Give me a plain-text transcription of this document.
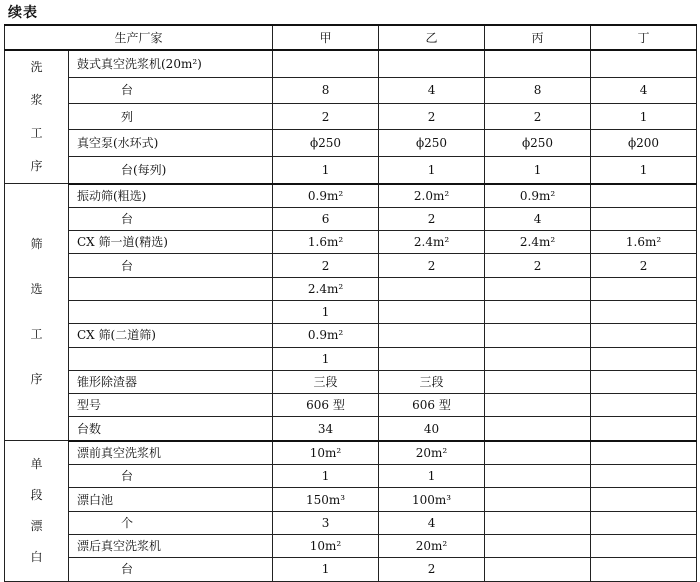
续表
生产厂家		甲	乙	丙	丁

洗
浆
工
序	鼓式真空洗浆机(20m²)				
	台	8	4	8	4
	列	2	2	2	1
	真空泵(水环式)	ϕ250	ϕ250	ϕ250	ϕ200
	台(每列)	1	1	1	1

筛
选
工
序	振动筛(粗选)	0.9m²	2.0m²	0.9m²	
	台	6	2	4	
	CX 筛一道(精选)	1.6m²	2.4m²	2.4m²	1.6m²
	台	2	2	2	2
		2.4m²			
		1			
	CX 筛(二道筛)	0.9m²			
		1			
	锥形除渣器	三段	三段		
	型号	606 型	606 型		
	台数	34	40		

单
段
漂
白	漂前真空洗浆机	10m²	20m²		
	台	1	1		
	漂白池	150m³	100m³		
	个	3	4		
	漂后真空洗浆机	10m²	20m²		
	台	1	2		
